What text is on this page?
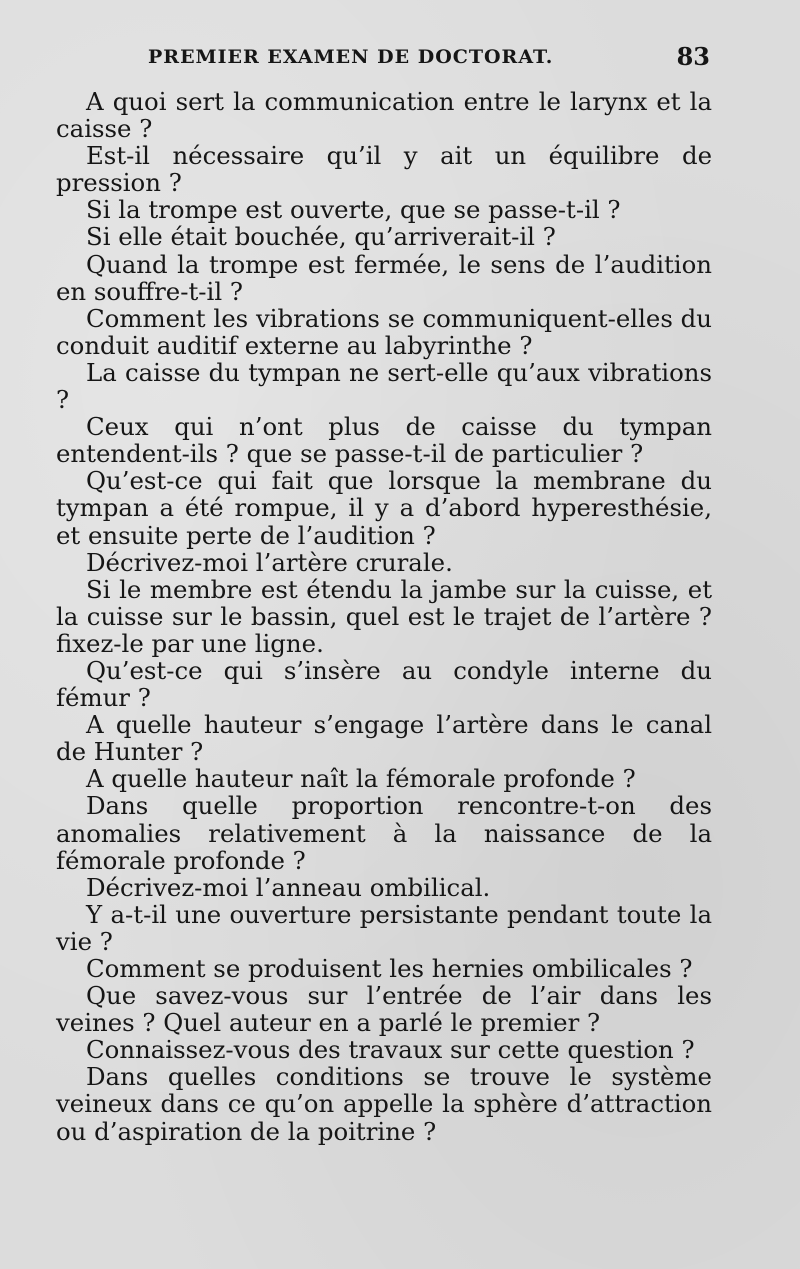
PREMIER EXAMEN DE DOCTORAT.	83

A quoi sert la communication entre le larynx et la caisse ?

Est-il nécessaire qu’il y ait un équilibre de pression ?

Si la trompe est ouverte, que se passe-t-il ?

Si elle était bouchée, qu’arriverait-il ?

Quand la trompe est fermée, le sens de l’audition en souffre-t-il ?

Comment les vibrations se communiquent-elles du conduit auditif externe au labyrinthe ?

La caisse du tympan ne sert-elle qu’aux vibrations ?

Ceux qui n’ont plus de caisse du tympan entendent-ils ? que se passe-t-il de particulier ?

Qu’est-ce qui fait que lorsque la membrane du tympan a été rompue, il y a d’abord hyperesthésie, et ensuite perte de l’audition ?

Décrivez-moi l’artère crurale.

Si le membre est étendu la jambe sur la cuisse, et la cuisse sur le bassin, quel est le trajet de l’artère ? fixez-le par une ligne.

Qu’est-ce qui s’insère au condyle interne du fémur ?

A quelle hauteur s’engage l’artère dans le canal de Hunter ?

A quelle hauteur naît la fémorale profonde ?

Dans quelle proportion rencontre-t-on des anomalies relativement à la naissance de la fémorale profonde ?

Décrivez-moi l’anneau ombilical.

Y a-t-il une ouverture persistante pendant toute la vie ?

Comment se produisent les hernies ombilicales ?

Que savez-vous sur l’entrée de l’air dans les veines ? Quel auteur en a parlé le premier ?

Connaissez-vous des travaux sur cette question ?

Dans quelles conditions se trouve le système veineux dans ce qu’on appelle la sphère d’attraction ou d’aspiration de la poitrine ?
